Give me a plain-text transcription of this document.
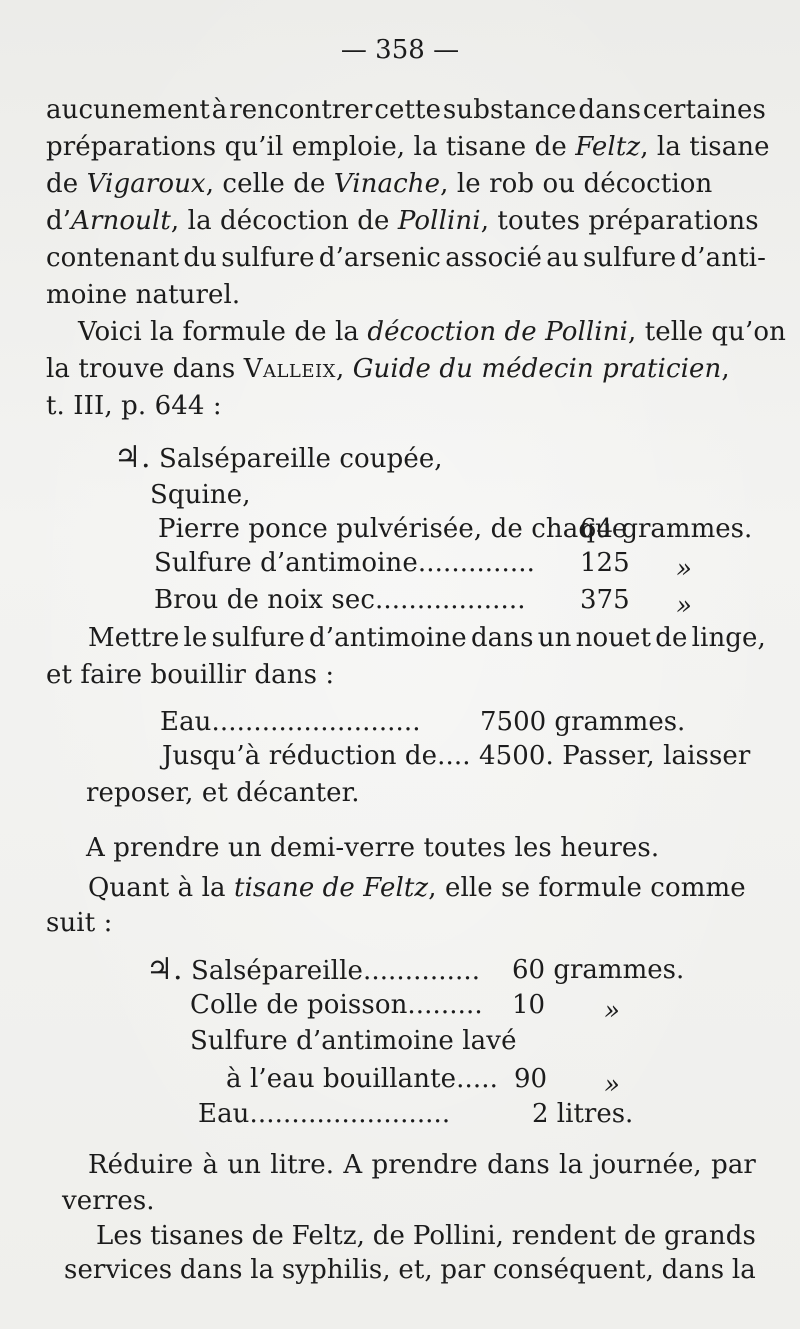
— 358 —
aucunement à rencontrer cette substance dans certaines
préparations qu’il emploie, la tisane de Feltz, la tisane
de Vigaroux, celle de Vinache, le rob ou décoction
d’Arnoult, la décoction de Pollini, toutes préparations
contenant du sulfure d’arsenic associé au sulfure d’anti-
moine naturel.
Voici la formule de la décoction de Pollini, telle qu’on
la trouve dans Valleix, Guide du médecin praticien,
t. III, p. 644 :
♃. Salsépareille coupée,
Squine,
Pierre ponce pulvérisée, de chaque
64 grammes.
Sulfure d’antimoine.............. 125 »
Brou de noix sec.................. 375 »
Mettre le sulfure d’antimoine dans un nouet de linge,
et faire bouillir dans :
Eau......................... 7500 grammes.
Jusqu’à réduction de.... 4500. Passer, laisser
reposer, et décanter.
A prendre un demi-verre toutes les heures.
Quant à la tisane de Feltz, elle se formule comme
suit :
♃. Salsépareille.............. 60 grammes.
Colle de poisson......... 10 »
Sulfure d’antimoine lavé
à l’eau bouillante..... 90 »
Eau........................	2 litres.
Réduire à un litre. A prendre dans la journée, par
verres.
Les tisanes de Feltz, de Pollini, rendent de grands
services dans la syphilis, et, par conséquent, dans la
